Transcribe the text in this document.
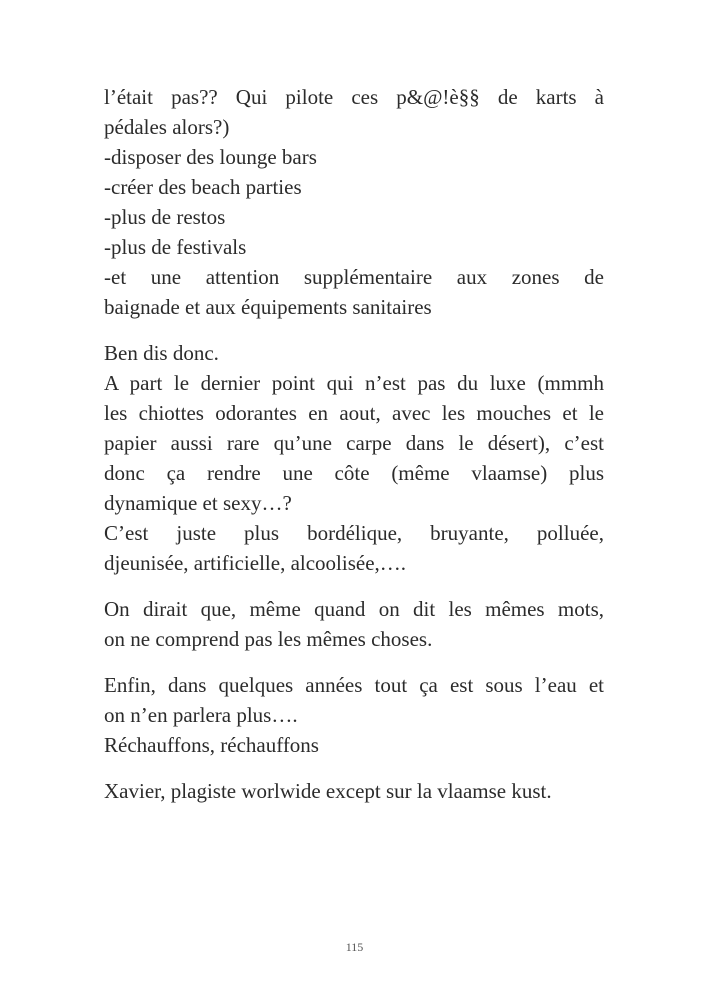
l’était pas?? Qui pilote ces p&@!è§§ de karts à
pédales alors?)
-disposer des lounge bars
-créer des beach parties
-plus de restos
-plus de festivals
-et une attention supplémentaire aux zones de
baignade et aux équipements sanitaires

Ben dis donc.
A part le dernier point qui n’est pas du luxe (mmmh
les chiottes odorantes en aout, avec les mouches et le
papier aussi rare qu’une carpe dans le désert), c’est
donc ça rendre une côte (même vlaamse) plus
dynamique et sexy…?
C’est juste plus bordélique, bruyante, polluée,
djeunisée, artificielle, alcoolisée,….

On dirait que, même quand on dit les mêmes mots,
on ne comprend pas les mêmes choses.

Enfin, dans quelques années tout ça est sous l’eau et
on n’en parlera plus….
Réchauffons, réchauffons

Xavier, plagiste worlwide except sur la vlaamse kust.

115
